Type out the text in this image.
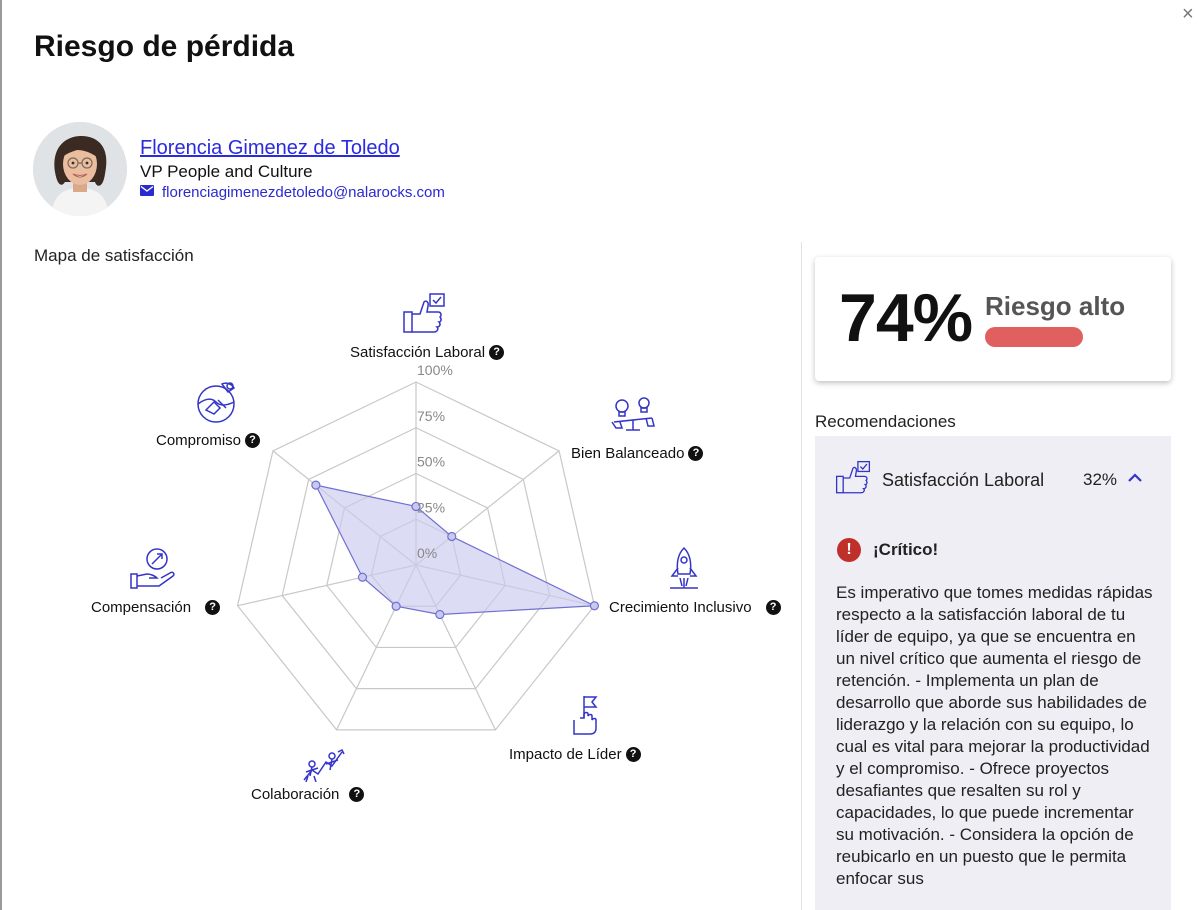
×
Riesgo de pérdida
Florencia Gimenez de Toledo
VP People and Culture
florenciagimenezdetoledo@nalarocks.com
Mapa de satisfacción
0%
25%
50%
75%
100%
Satisfacción Laboral ?
Bien Balanceado ?
Crecimiento Inclusivo	?
Impacto de Líder ?
Colaboración	?
Compensación	?
Compromiso ?
74% Riesgo alto
Recomendaciones
Satisfacción Laboral 32%
!	¡Crítico!
Es imperativo que tomes medidas rápidas respecto a la satisfacción laboral de tu líder de equipo, ya que se encuentra en un nivel crítico que aumenta el riesgo de retención. - Implementa un plan de desarrollo que aborde sus habilidades de liderazgo y la relación con su equipo, lo cual es vital para mejorar la productividad y el compromiso. - Ofrece proyectos desafiantes que resalten su rol y capacidades, lo que puede incrementar su motivación. - Considera la opción de reubicarlo en un puesto que le permita enfocar sus
